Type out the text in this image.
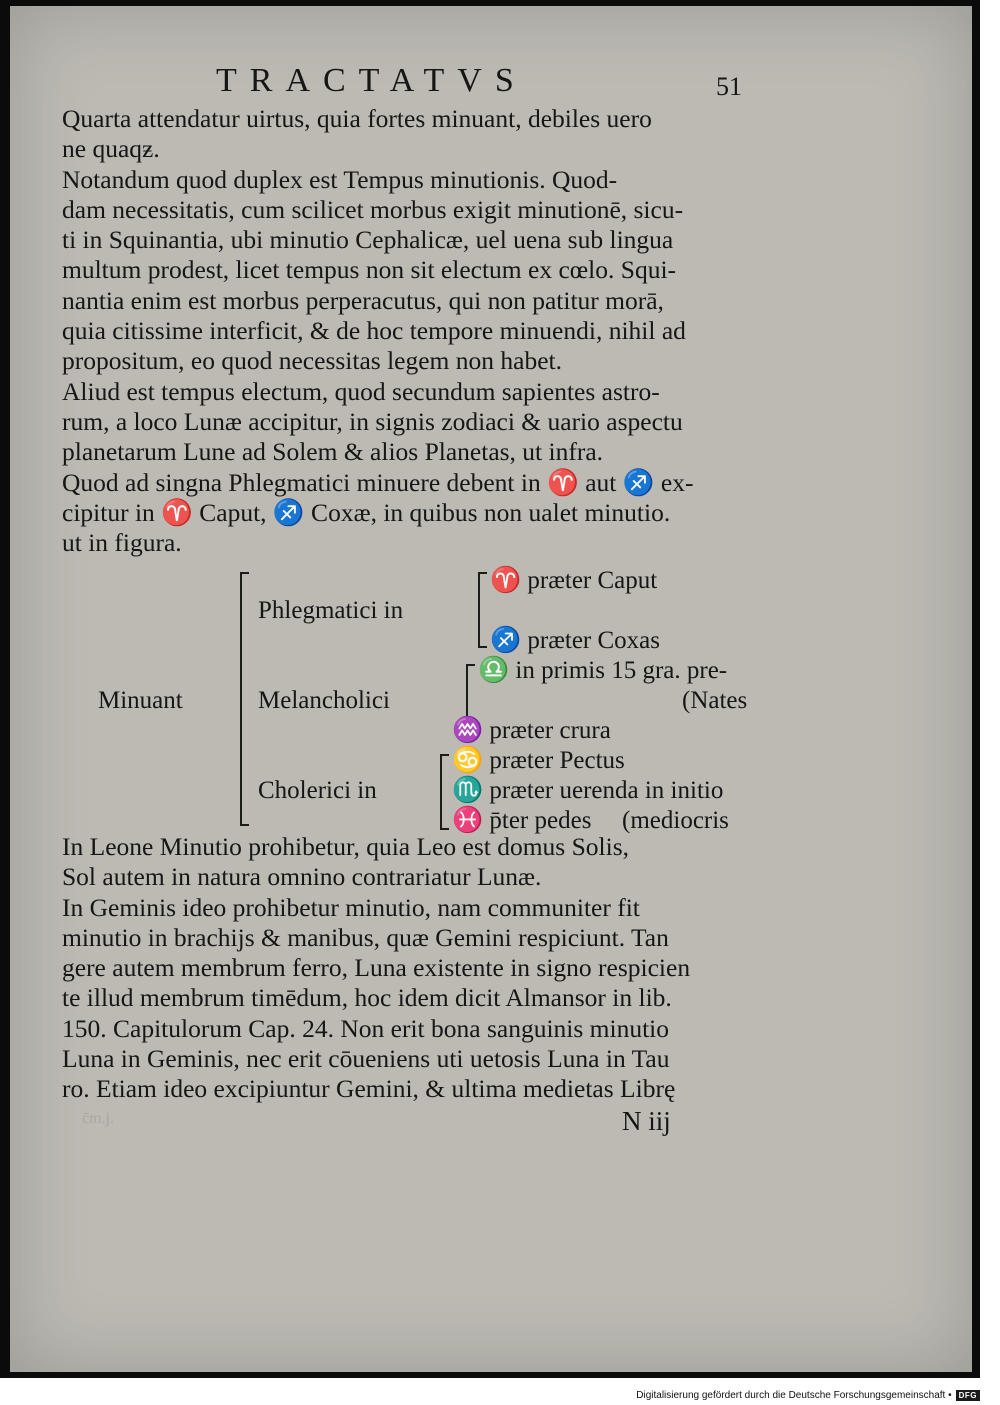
TRACTATVS	51

Quarta attendatur uirtus, quia fortes minuant, debiles uero

ne quaqƶ.

Notandum quod duplex est Tempus minutionis. Quod‐

dam necessitatis, cum scilicet morbus exigit minutionē, sicu‐

ti in Squinantia, ubi minutio Cephalicæ, uel uena sub lingua

multum prodest, licet tempus non sit electum ex cœlo. Squi‐

nantia enim est morbus perperacutus, qui non patitur morā,

quia citissime interficit, & de hoc tempore minuendi, nihil ad

propositum, eo quod necessitas legem non habet.

Aliud est tempus electum, quod secundum sapientes astro‐

rum, a loco Lunæ accipitur, in signis zodiaci & uario aspectu

planetarum Lune ad Solem & alios Planetas, ut infra.

Quod ad singna Phlegmatici minuere debent in ♈ aut ♐ ex‐

cipitur in ♈ Caput, ♐ Coxæ, in quibus non ualet minutio.

ut in figura.

Minuant
Phlegmatici in
Melancholici
Cholerici in
♈ præter Caput
♐ præter Coxas
♎ in primis 15 gra. pre‐
(Nates
♒ præter crura
♋ præter Pectus
♏ præter uerenda in initio
♓ p̄ter pedes (mediocris

In Leone Minutio prohibetur, quia Leo est domus Solis,

Sol autem in natura omnino contrariatur Lunæ.

In Geminis ideo prohibetur minutio, nam communiter fit

minutio in brachijs & manibus, quæ Gemini respiciunt. Tan

gere autem membrum ferro, Luna existente in signo respicien

te illud membrum timēdum, hoc idem dicit Almansor in lib.

150. Capitulorum Cap. 24. Non erit bona sanguinis minutio

Luna in Geminis, nec erit cōueniens uti uetosis Luna in Tau

ro. Etiam ideo excipiuntur Gemini, & ultima medietas Librę

c̄m.j.	N iij
Digitalisierung gefördert durch die Deutsche Forschungsgemeinschaft • DFG
